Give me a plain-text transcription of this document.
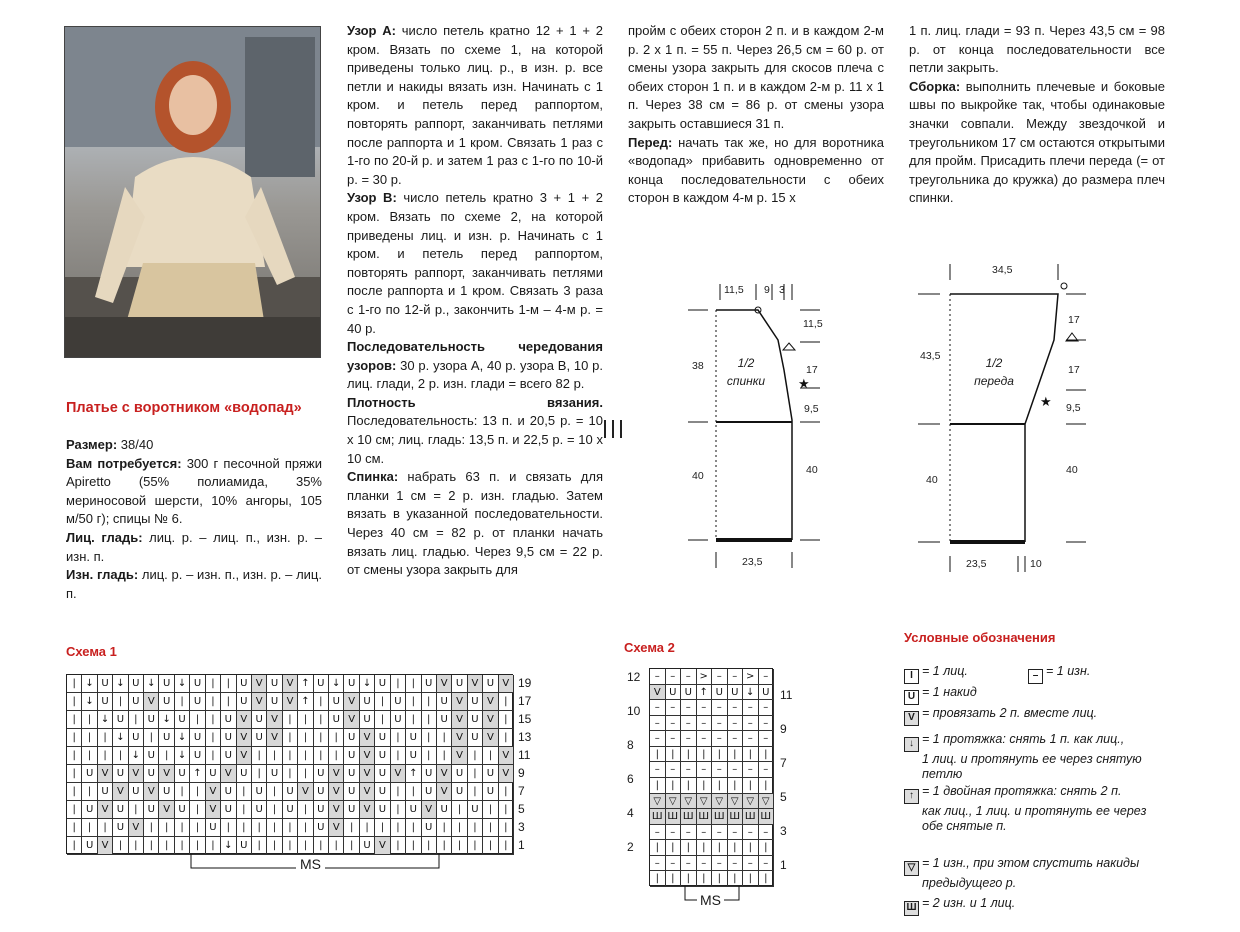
Платье с воротником «водопад»

Размер: 38/40

Вам потребуется: 300 г песочной пряжи Apiretto (55% полиамида, 35% мериносовой шерсти, 10% ангоры, 105 м/50 г); спицы № 6.

Лиц. гладь: лиц. р. – лиц. п., изн. р. – изн. п.

Изн. гладь: лиц. р. – изн. п., изн. р. – лиц. п.

Узор А: число петель кратно 12 + 1 + 2 кром. Вязать по схеме 1, на которой приведены только лиц. р., в изн. р. все петли и накиды вязать изн. Начинать с 1 кром. и петель перед раппортом, повторять раппорт, заканчивать петлями после раппорта и 1 кром. Связать 1 раз с 1-го по 20-й р. и затем 1 раз с 1-го по 10-й р. = 30 р.

Узор В: число петель кратно 3 + 1 + 2 кром. Вязать по схеме 2, на которой приведены лиц. и изн. р. Начинать с 1 кром. и петель перед раппортом, повторять раппорт, заканчивать петлями после раппорта и 1 кром. Связать 3 раза с 1-го по 12-й р., закончить 1-м – 4-м р. = 40 р.

Последовательность чередования узоров: 30 р. узора А, 40 р. узора В, 10 р. лиц. глади, 2 р. изн. глади = всего 82 р.

Плотность вязания. Последовательность: 13 п. и 20,5 р. = 10 х 10 см; лиц. гладь: 13,5 п. и 22,5 р. = 10 х 10 см.

Спинка: набрать 63 п. и связать для планки 1 см = 2 р. изн. гладью. Затем вязать в указанной последовательности. Через 40 см = 82 р. от планки начать вязать лиц. гладью. Через 9,5 см = 22 р. от смены узора закрыть для

пройм с обеих сторон 2 п. и в каждом 2-м р. 2 х 1 п. = 55 п. Через 26,5 см = 60 р. от смены узора закрыть для скосов плеча с обеих сторон 1 п. и в каждом 2-м р. 11 х 1 п. Через 38 см = 86 р. от смены узора закрыть оставшиеся 31 п.

Перед: начать так же, но для воротника «водопад» прибавить одновременно от конца последовательности с обеих сторон в каждом 4-м р. 15 х

1 п. лиц. глади = 93 п. Через 43,5 см = 98 р. от конца последовательности все петли закрыть.

Сборка: выполнить плечевые и боковые швы по выкройке так, чтобы одинаковые значки совпали. Между звездочкой и треугольником 17 см остаются открытыми для пройм. Присадить плечи переда (= от треугольника до кружка) до размера плеч спинки.

★
11,5 9 3
38
40
11,5
17
9,5
40
23,5
1/2
спинки
★
34,5
43,5
40
17
17
9,5
40
23,5	10
1/2
переда
Схема 1
| ↓ U ↓ U ↓ U ↓ U	|	|	U V U V ↑ U ↓ U ↓ U	|	|	U V U V U V
| ↓ U	|	U V U	|	U	|	|	U V U V ↑ |	U V U	|	U	|	|	U V U V	|
|	| ↓ U	|	U ↓ U	|	|	U V U V	|	|	|	U V U	|	U	|	|	U V U V	|
|	|	| ↓ U	|	U ↓ U	|	U V U V	|	|	|	|	U V U	|	U	|	|	V U V	|
|	|	|	| ↓ U	| ↓ U	|	U V	|	|	|	|	|	|	U V U	|	U	|	|	V	|	|	V
|	U V U V U V U ↑ U V U	|	U	|	|	U V U V U V ↑ U V U	|	U V
|	|	U V U V U	|	|	V U	|	U	|	U V U V U V U	|	|	U V U	|	U	|
|	U V U	|	U V U	|	V U	|	U	|	U	|	U V U V U	|	U V U	|	U	|	|
|	|	|	U V	|	|	|	|	U	|	|	|	|	|	|	U V	|	|	|	|	|	U	|	|	|	|	|
|	U V	|	|	|	|	|	|	| ↓ U	|	|	|	|	|	|	|	U V	|	|	|	|	|	|	|	|
19
17
15
13
11
9
7
5
3
1
MS
Схема 2
–	–	– > –	– > –
V U U ↑ U U ↓ U
–	–	–	–	–	–	–	–
–	–	–	–	–	–	–	–
–	–	–	–	–	–	–	–
|	|	|	|	|	|	|	|
–	–	–	–	–	–	–	–
|	|	|	|	|	|	|	|
▽ ▽ ▽ ▽ ▽ ▽ ▽ ▽
Ш Ш Ш Ш Ш Ш Ш Ш
–	–	–	–	–	–	–	–
|	|	|	|	|	|	|	|
–	–	–	–	–	–	–	–
|	|	|	|	|	|	|	|
12
10
8
6
4
2
11
9
7
5
3
1
MS
Условные обозначения
I = 1 лиц.	– = 1 изн.
U = 1 накид
V = провязать 2 п. вместе лиц.
↓ = 1 протяжка: снять 1 п. как лиц.,
1 лиц. и протянуть ее через снятую
петлю
↑ = 1 двойная протяжка: снять 2 п.
как лиц., 1 лиц. и протянуть ее через
обе снятые п.
▽ = 1 изн., при этом спустить накиды
предыдущего р.
Ш = 2 изн. и 1 лиц.
